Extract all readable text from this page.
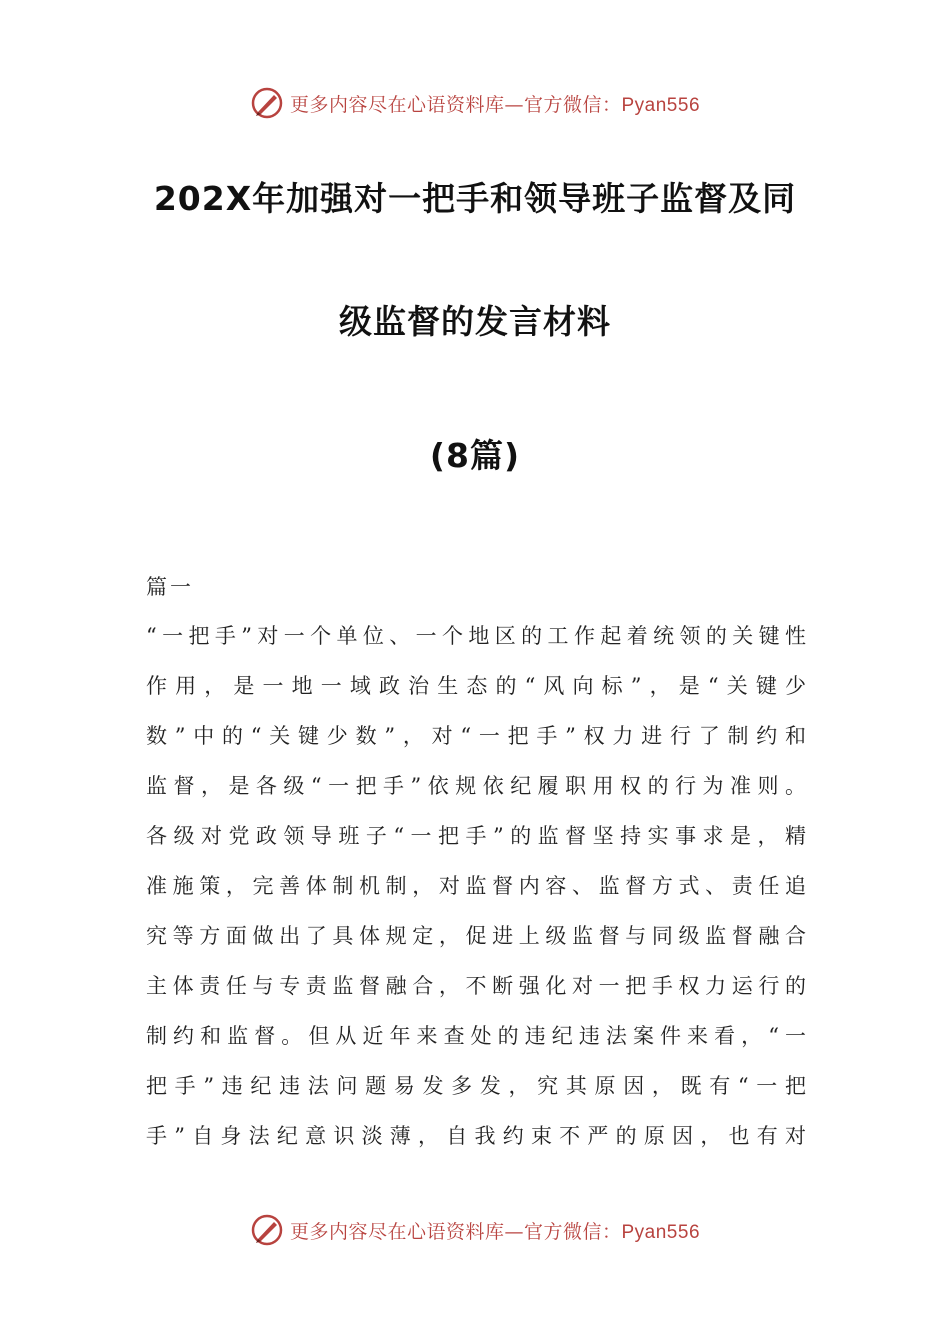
更多内容尽在心语资料库—官方微信：Pyan556
202X年加强对一把手和领导班子监督及同
级监督的发言材料
(8篇)
篇一
“一把手”对一个单位、一个地区的工作起着统领的关键性
作用，是一地一域政治生态的“风向标”，是“关键少
数”中的“关键少数”，对“一把手”权力进行了制约和
监督，是各级“一把手”依规依纪履职用权的行为准则。
各级对党政领导班子“一把手”的监督坚持实事求是，精
准施策，完善体制机制，对监督内容、监督方式、责任追
究等方面做出了具体规定，促进上级监督与同级监督融合
主体责任与专责监督融合，不断强化对一把手权力运行的
制约和监督。但从近年来查处的违纪违法案件来看，“一
把手”违纪违法问题易发多发，究其原因，既有“一把
手”自身法纪意识淡薄，自我约束不严的原因，也有对
更多内容尽在心语资料库—官方微信：Pyan556
